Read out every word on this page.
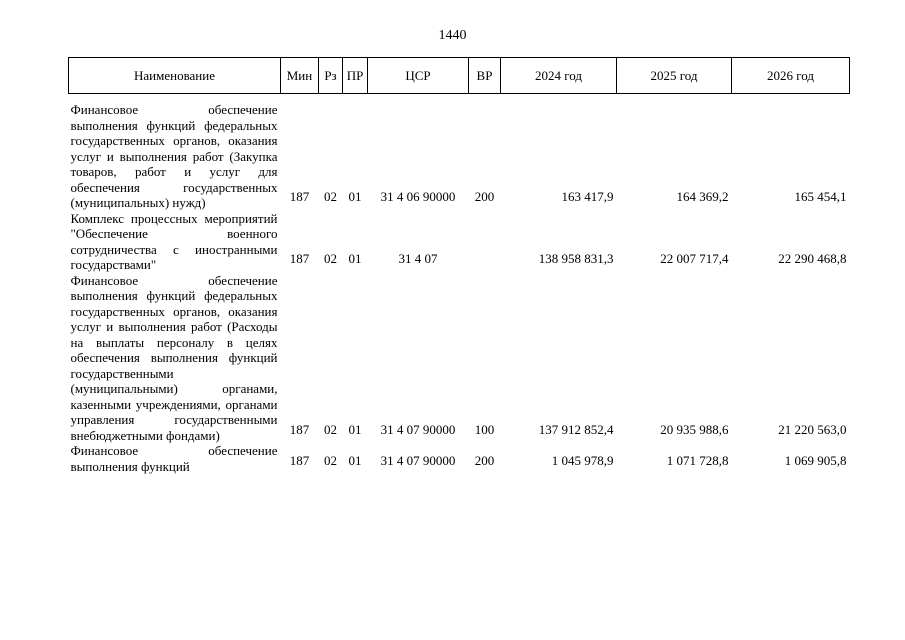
1440
Наименование	Мин	Рз	ПР	ЦСР	ВР	2024 год	2025 год	2026 год

Финансовое обеспечение выполнения функций федеральных государственных органов, оказания услуг и выполнения работ (Закупка товаров, работ и услуг для обеспечения государственных (муниципальных) нужд)	187	02	01	31 4 06 90000	200	163 417,9	164 369,2	165 454,1
Комплекс процессных мероприятий "Обеспечение военного сотрудничества с иностранными государствами"	187	02	01	31 4 07		138 958 831,3	22 007 717,4	22 290 468,8
Финансовое обеспечение выполнения функций федеральных государственных органов, оказания услуг и выполнения работ (Расходы на выплаты персоналу в целях обеспечения выполнения функций государственными (муниципальными) органами, казенными учреждениями, органами управления государственными внебюджетными фондами)	187	02	01	31 4 07 90000	100	137 912 852,4	20 935 988,6	21 220 563,0
Финансовое обеспечение выполнения функций	187	02	01	31 4 07 90000	200	1 045 978,9	1 071 728,8	1 069 905,8
